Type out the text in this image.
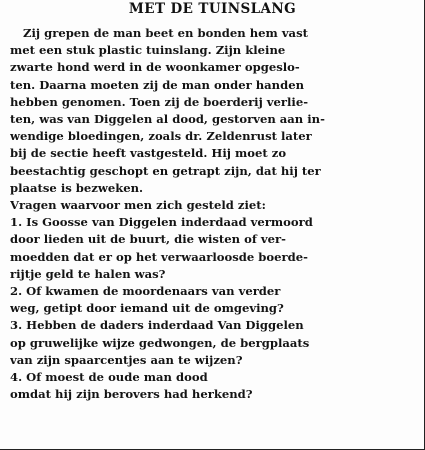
MET DE TUINSLANG
Zij grepen de man beet en bonden hem vast
met een stuk plastic tuinslang. Zijn kleine
zwarte hond werd in de woonkamer opgeslo-
ten. Daarna moeten zij de man onder handen
hebben genomen. Toen zij de boerderij verlie-
ten, was van Diggelen al dood, gestorven aan in-
wendige bloedingen, zoals dr. Zeldenrust later
bij de sectie heeft vastgesteld. Hij moet zo
beestachtig geschopt en getrapt zijn, dat hij ter
plaatse is bezweken.
Vragen waarvoor men zich gesteld ziet:
1. Is Goosse van Diggelen inderdaad vermoord
door lieden uit de buurt, die wisten of ver-
moedden dat er op het verwaarloosde boerde-
rijtje geld te halen was?
2. Of kwamen de moordenaars van verder
weg, getipt door iemand uit de omgeving?
3. Hebben de daders inderdaad Van Diggelen
op gruwelijke wijze gedwongen, de bergplaats
van zijn spaarcentjes aan te wijzen?
4. Of moest de oude man dood
omdat hij zijn berovers had herkend?
